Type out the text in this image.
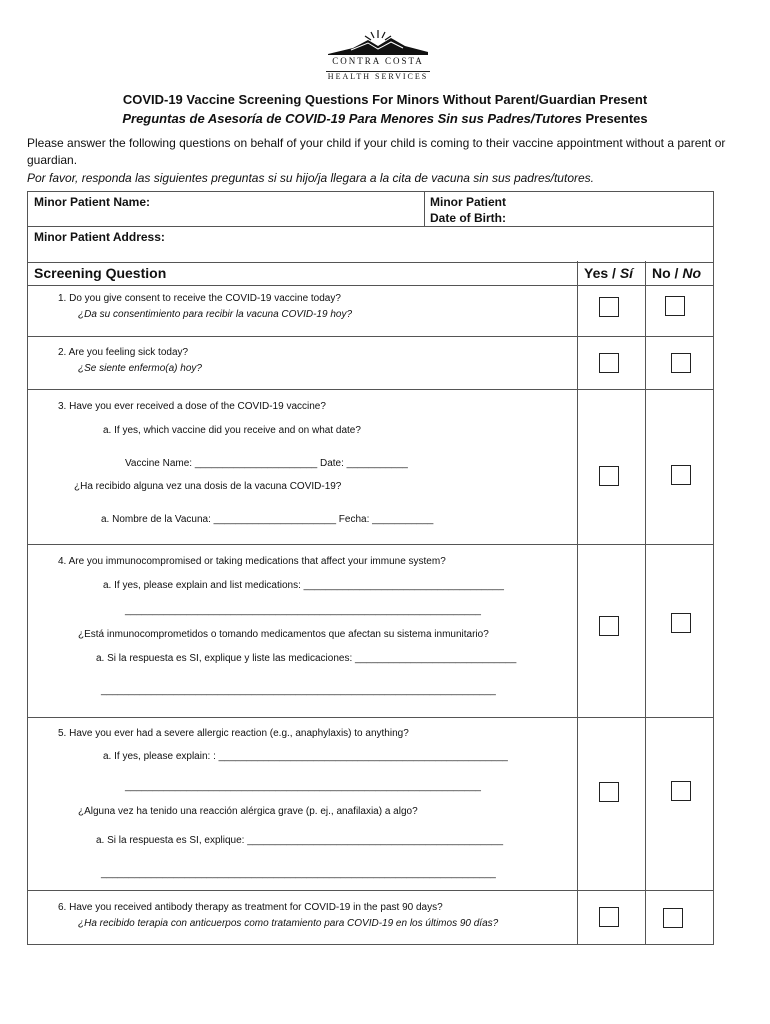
CONTRA COSTA
HEALTH SERVICES
COVID-19 Vaccine Screening Questions For Minors Without Parent/Guardian Present
Preguntas de Asesoría de COVID-19 Para Menores Sin sus Padres/Tutores Presentes
Please answer the following questions on behalf of your child if your child is coming to their vaccine appointment without a parent or guardian.
Por favor, responda las siguientes preguntas si su hijo/ja llegara a la cita de vacuna sin sus padres/tutores.
Minor Patient Name:	Minor Patient
Date of Birth:
Minor Patient Address:
Screening Question	Yes / Sí No / No
1. Do you give consent to receive the COVID-19 vaccine today?
¿Da su consentimiento para recibir la vacuna COVID-19 hoy?
2. Are you feeling sick today?
¿Se siente enfermo(a) hoy?
3. Have you ever received a dose of the COVID-19 vaccine?
a. If yes, which vaccine did you receive and on what date?
Vaccine Name: ______________________ Date: ___________
¿Ha recibido alguna vez una dosis de la vacuna COVID-19?
a. Nombre de la Vacuna: ______________________ Fecha: ___________
4. Are you immunocompromised or taking medications that affect your immune system?
a. If yes, please explain and list medications: ____________________________________
________________________________________________________________
¿Está inmunocomprometidos o tomando medicamentos que afectan su sistema inmunitario?
a. Si la respuesta es SI, explique y liste las medicaciones: _____________________________
_______________________________________________________________________
5. Have you ever had a severe allergic reaction (e.g., anaphylaxis) to anything?
a. If yes, please explain: : ____________________________________________________
________________________________________________________________
¿Alguna vez ha tenido una reacción alérgica grave (p. ej., anafilaxia) a algo?
a. Si la respuesta es SI, explique: ______________________________________________
_______________________________________________________________________
6. Have you received antibody therapy as treatment for COVID-19 in the past 90 days?
¿Ha recibido terapia con anticuerpos como tratamiento para COVID-19 en los últimos 90 días?
